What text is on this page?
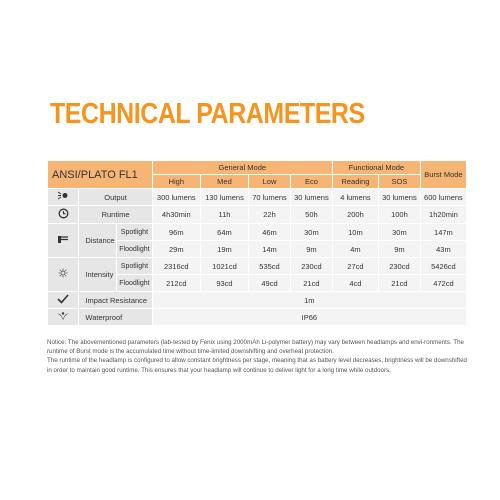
TECHNICAL PARAMETERS
ANSI/PLATO FL1			General Mode				Functional Mode		Burst Mode
			High	Med	Low	Eco	Reading	SOS	
	Output		300 lumens	130 lumens	70 lumens	30 lumens	4 lumens	30 lumens	600 lumens
	Runtime		4h30min	11h	22h	50h	200h	100h	1h20min
	Distance	Spotlight	96m	64m	46m	30m	10m	30m	147m
		Floodlight	29m	19m	14m	9m	4m	9m	43m
	Intensity	Spotlight	2316cd	1021cd	535cd	230cd	27cd	230cd	5426cd
		Floodlight	212cd	93cd	49cd	21cd	4cd	21cd	472cd
	Impact Resistance		1m						
	Waterproof		IP66						

Notice: The abovementioned parameters (lab-tested by Fenix using 2000mAh Li-polymer battery) may vary between headlamps and envi-ronments. The runtime of Burst mode is the accumulated time without time-limited downshifting and overheat protection.

The runtime of the headlamp is configured to allow constant brightness per stage, meaning that as battery level decreases, brightness will be downshifted in order to maintain good runtime. This ensures that your headlamp will continue to deliver light for a long time while outdoors.
